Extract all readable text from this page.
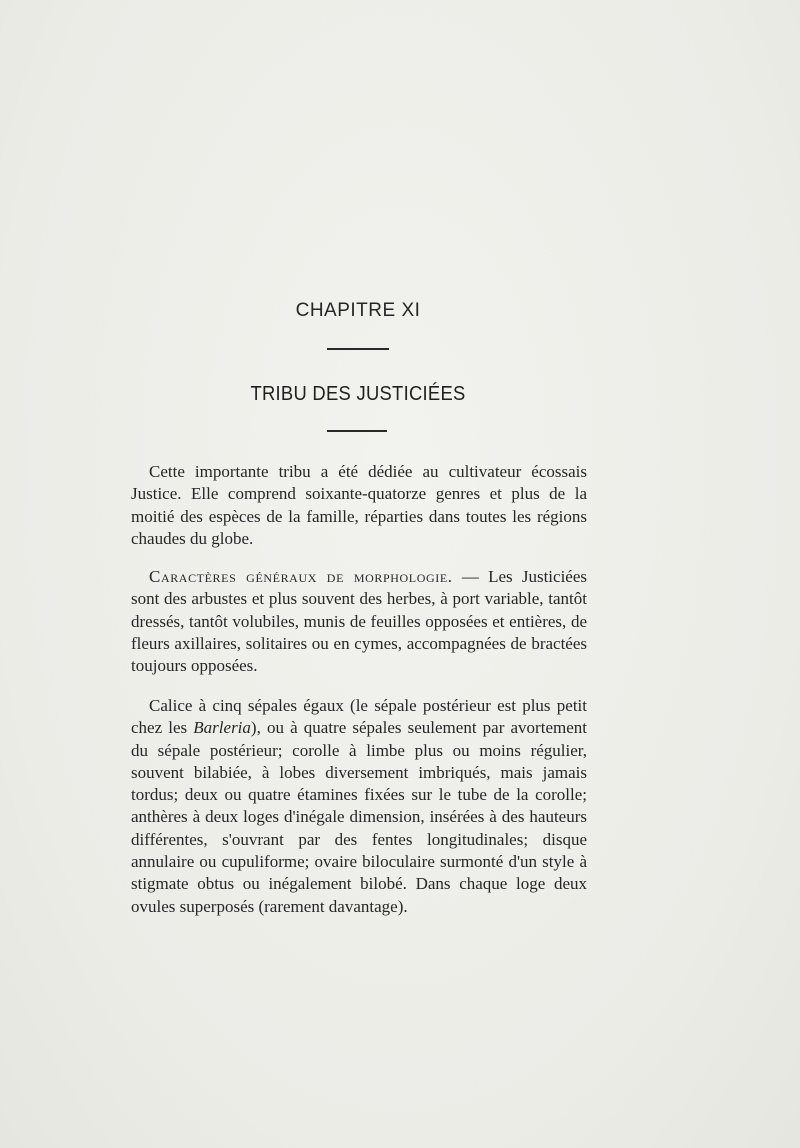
CHAPITRE XI
TRIBU DES JUSTICIÉES

Cette importante tribu a été dédiée au cultivateur écossais Justice. Elle comprend soixante-quatorze genres et plus de la moitié des espèces de la famille, réparties dans toutes les régions chaudes du globe.

Caractères généraux de morphologie. — Les Justiciées sont des arbustes et plus souvent des herbes, à port variable, tantôt dressés, tantôt volubiles, munis de feuilles opposées et entières, de fleurs axillaires, solitaires ou en cymes, accompagnées de bractées toujours opposées.

Calice à cinq sépales égaux (le sépale postérieur est plus petit chez les Barleria), ou à quatre sépales seulement par avortement du sépale postérieur; corolle à limbe plus ou moins régulier, souvent bilabiée, à lobes diversement imbriqués, mais jamais tordus; deux ou quatre étamines fixées sur le tube de la corolle; anthères à deux loges d'inégale dimension, insérées à des hauteurs différentes, s'ouvrant par des fentes longitudinales; disque annulaire ou cupuliforme; ovaire biloculaire surmonté d'un style à stigmate obtus ou inégalement bilobé. Dans chaque loge deux ovules superposés (rarement davantage).
